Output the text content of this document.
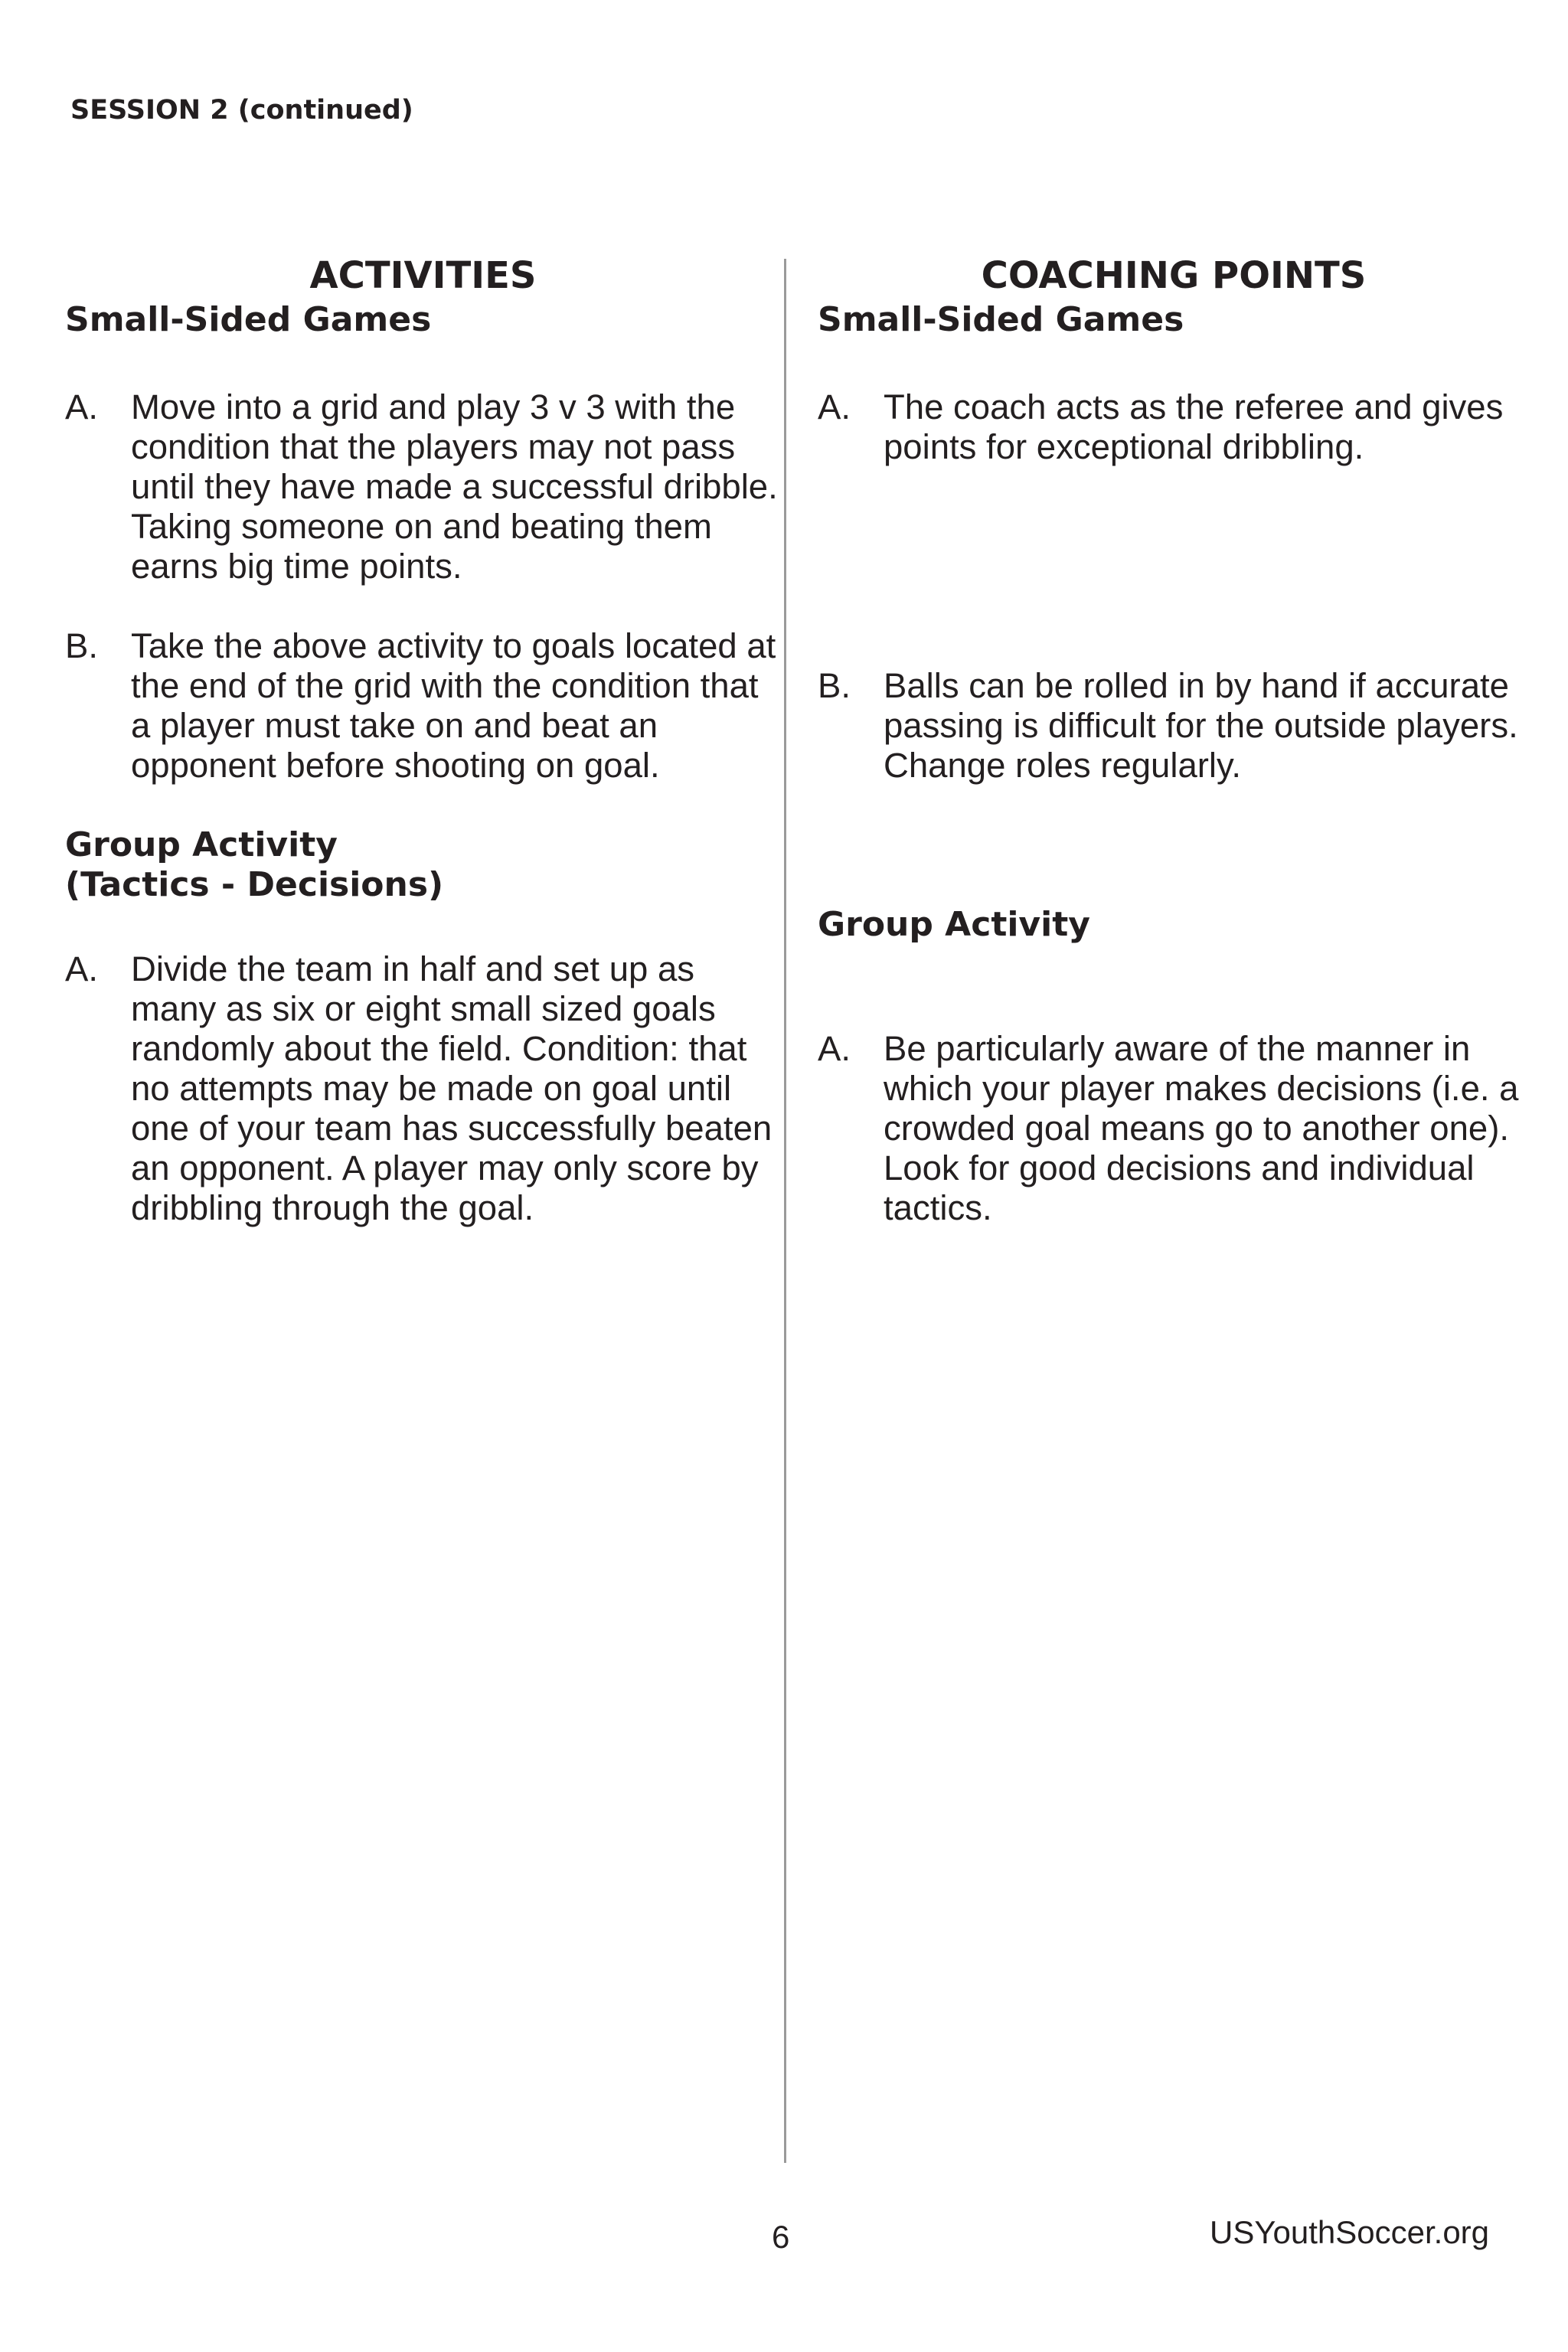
SESSION 2 (continued)
ACTIVITIES
Small-Sided Games
A. Move into a grid and play 3 v 3 with the condition that the players may not pass until they have made a successful dribble. Taking someone on and beating them earns big time points.
B. Take the above activity to goals located at the end of the grid with the condition that a player must take on and beat an opponent before shooting on goal.
Group Activity
(Tactics - Decisions)
A. Divide the team in half and set up as many as six or eight small sized goals randomly about the field. Condition: that no attempts may be made on goal until one of your team has successfully beaten an opponent. A player may only score by dribbling through the goal.
COACHING POINTS
Small-Sided Games
A. The coach acts as the referee and gives points for exceptional dribbling.
B. Balls can be rolled in by hand if accurate passing is difficult for the outside players. Change roles regularly.
Group Activity
A. Be particularly aware of the manner in which your player makes decisions (i.e. a crowded goal means go to another one). Look for good decisions and individual tactics.
6	USYouthSoccer.org
